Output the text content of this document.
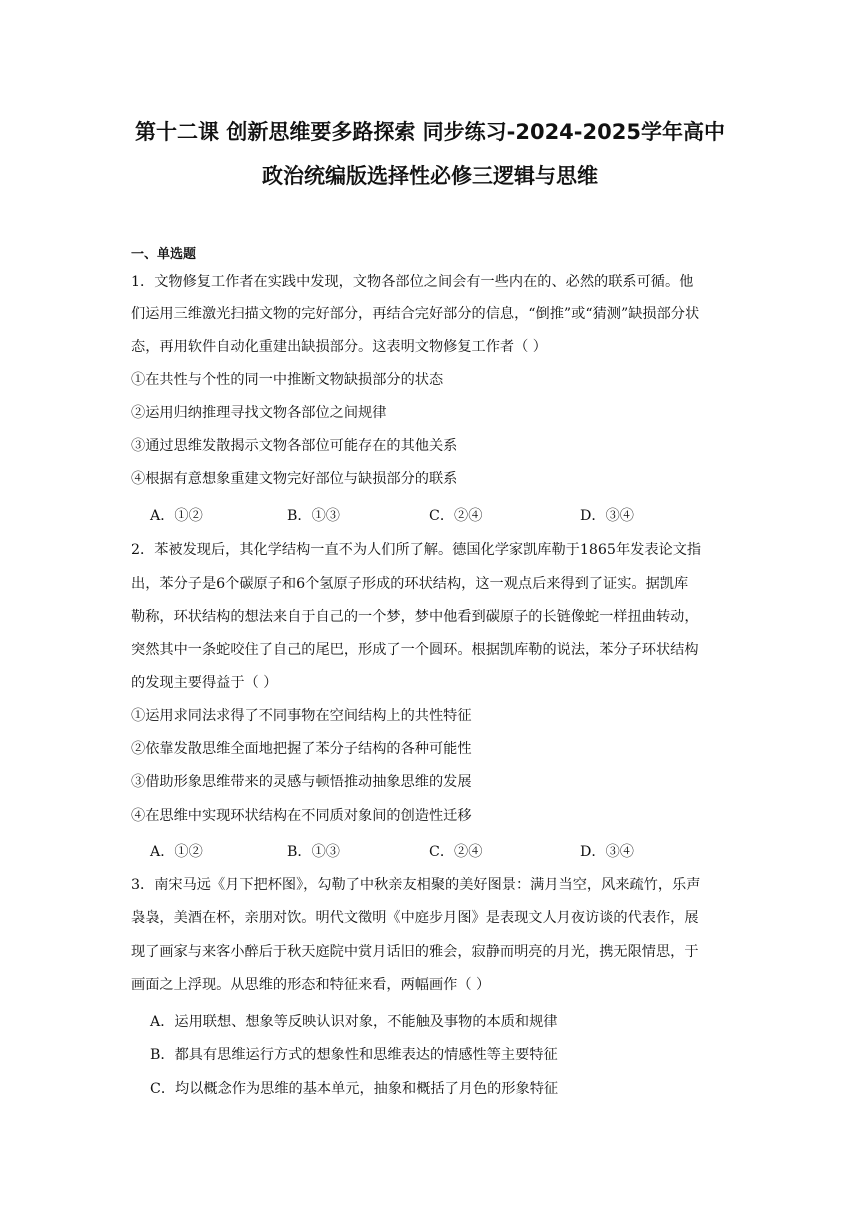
第十二课 创新思维要多路探索 同步练习-2024-2025学年高中
政治统编版选择性必修三逻辑与思维
一、单选题
1．文物修复工作者在实践中发现，文物各部位之间会有一些内在的、必然的联系可循。他
们运用三维激光扫描文物的完好部分，再结合完好部分的信息，“倒推”或“猜测”缺损部分状
态，再用软件自动化重建出缺损部分。这表明文物修复工作者（ ）
①在共性与个性的同一中推断文物缺损部分的状态
②运用归纳推理寻找文物各部位之间规律
③通过思维发散揭示文物各部位可能存在的其他关系
④根据有意想象重建文物完好部位与缺损部分的联系
A．①②	B．①③	C．②④	D．③④
2．苯被发现后，其化学结构一直不为人们所了解。德国化学家凯库勒于1865年发表论文指
出，苯分子是6个碳原子和6个氢原子形成的环状结构，这一观点后来得到了证实。据凯库
勒称，环状结构的想法来自于自己的一个梦，梦中他看到碳原子的长链像蛇一样扭曲转动，
突然其中一条蛇咬住了自己的尾巴，形成了一个圆环。根据凯库勒的说法，苯分子环状结构
的发现主要得益于（ ）
①运用求同法求得了不同事物在空间结构上的共性特征
②依靠发散思维全面地把握了苯分子结构的各种可能性
③借助形象思维带来的灵感与顿悟推动抽象思维的发展
④在思维中实现环状结构在不同质对象间的创造性迁移
A．①②	B．①③	C．②④	D．③④
3．南宋马远《月下把杯图》，勾勒了中秋亲友相聚的美好图景：满月当空，风来疏竹，乐声
袅袅，美酒在杯，亲朋对饮。明代文徵明《中庭步月图》是表现文人月夜访谈的代表作，展
现了画家与来客小醉后于秋天庭院中赏月话旧的雅会，寂静而明亮的月光，携无限情思，于
画面之上浮现。从思维的形态和特征来看，两幅画作（ ）
A．运用联想、想象等反映认识对象，不能触及事物的本质和规律
B．都具有思维运行方式的想象性和思维表达的情感性等主要特征
C．均以概念作为思维的基本单元，抽象和概括了月色的形象特征
